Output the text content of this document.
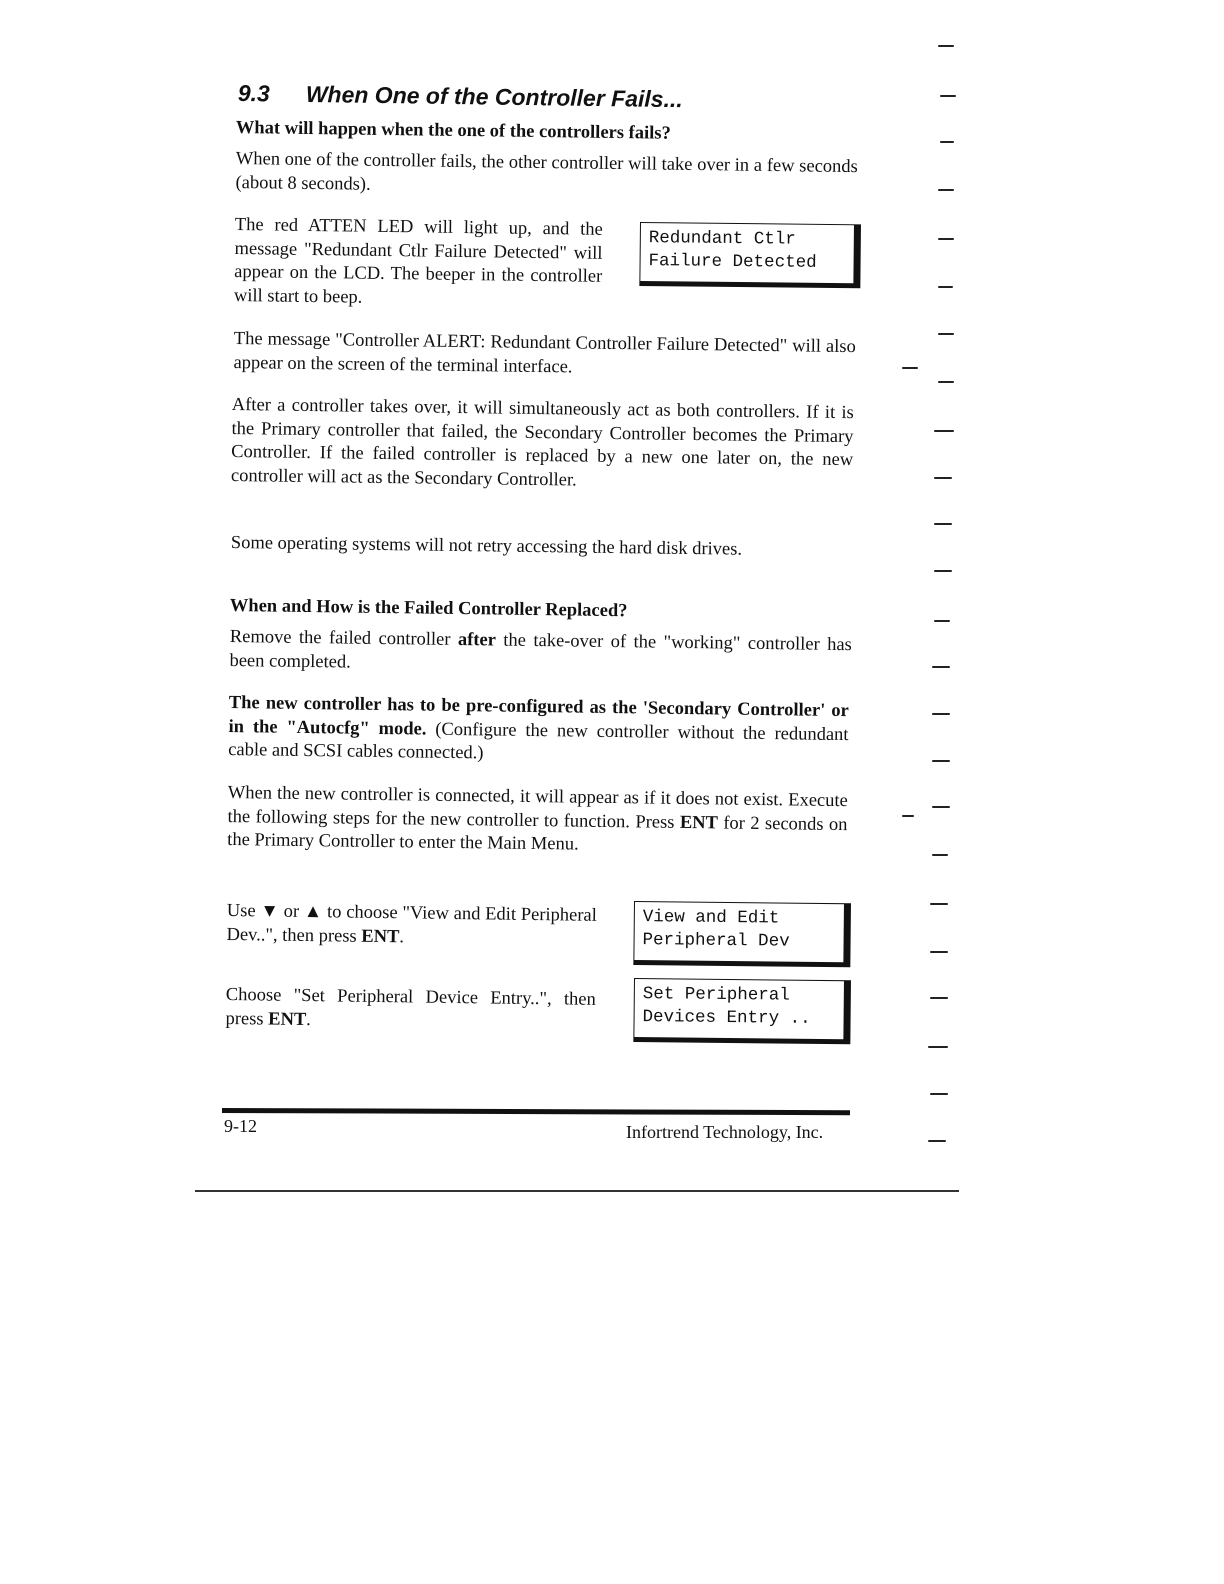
9.3 When One of the Controller Fails...
What will happen when the one of the controllers fails?
When one of the controller fails, the other controller will take over in a few seconds (about 8 seconds).
The red ATTEN LED will light up, and the message "Redundant Ctlr Failure Detected" will appear on the LCD. The beeper in the controller will start to beep.
Redundant Ctlr
Failure Detected
The message "Controller ALERT: Redundant Controller Failure Detected" will also appear on the screen of the terminal interface.
After a controller takes over, it will simultaneously act as both controllers. If it is the Primary controller that failed, the Secondary Controller becomes the Primary Controller. If the failed controller is replaced by a new one later on, the new controller will act as the Secondary Controller.
Some operating systems will not retry accessing the hard disk drives.
When and How is the Failed Controller Replaced?
Remove the failed controller after the take-over of the "working" controller has been completed.
The new controller has to be pre-configured as the 'Secondary Controller' or in the "Autocfg" mode. (Configure the new controller without the redundant cable and SCSI cables connected.)
When the new controller is connected, it will appear as if it does not exist. Execute the following steps for the new controller to function. Press ENT for 2 seconds on the Primary Controller to enter the Main Menu.
Use ▼ or ▲ to choose "View and Edit Peripheral Dev..", then press ENT.
View and Edit
Peripheral Dev
Choose "Set Peripheral Device Entry..", then press ENT.
Set Peripheral
Devices Entry ..
9-12	Infortrend Technology, Inc.
